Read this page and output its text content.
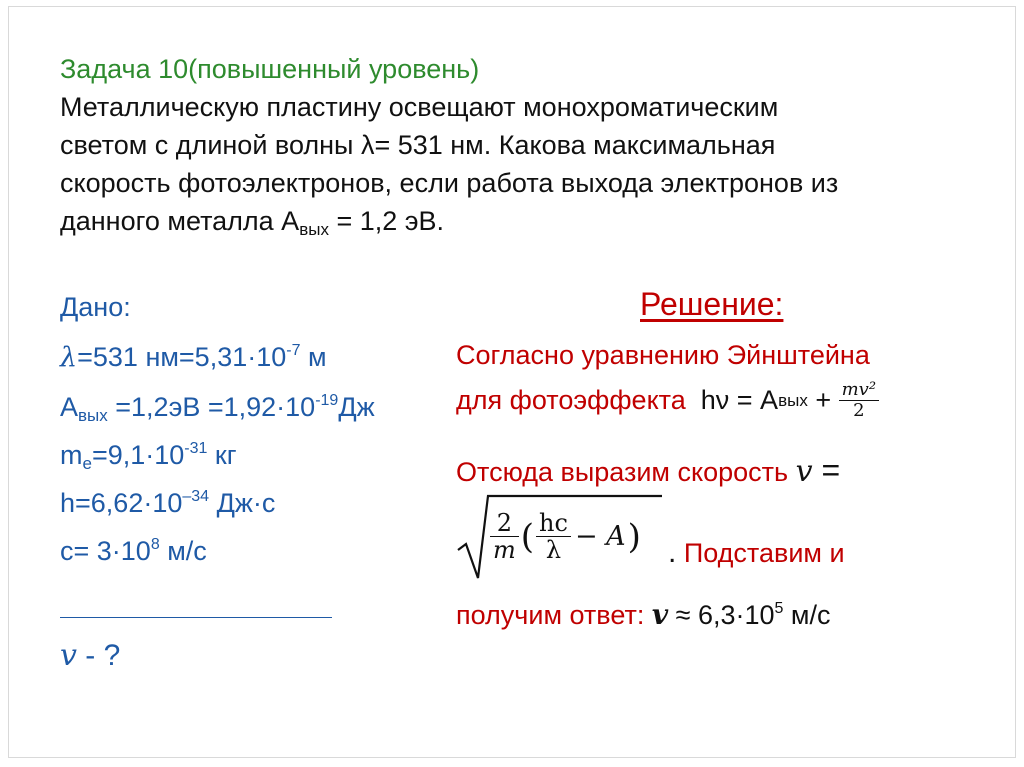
Задача 10(повышенный уровень)
Металлическую пластину освещают монохроматическим
светом с длиной волны λ= 531 нм. Какова максимальная
скорость фотоэлектронов, если работа выхода электронов из
данного металла $А_{вых} = 1,2$ эВ.
Дано:
λ=531 $нм=5,31\cdot 10^{-7}$ м
$А_{вых} =1,2эВ =1,92\cdot 10^{-19}Дж$
$m_e=9,1\cdot 10^{-31}$ кг
$h=6,62\cdot 10^{-34}$ Дж·с
$с= 3\cdot 10^8$ м/с
v - ?
Решение:
Согласно уравнению Эйнштейна
для фотоэффекта hν = А вых + $\frac{\text{mv²}}{2}$
Отсюда выразим скорость v =
$\frac{2}{m}$ ( $\frac{hc}{\lambda} - A$ ) . Подставим и
получим ответ: $v \approx 6,3\cdot 10^5$ м/с
